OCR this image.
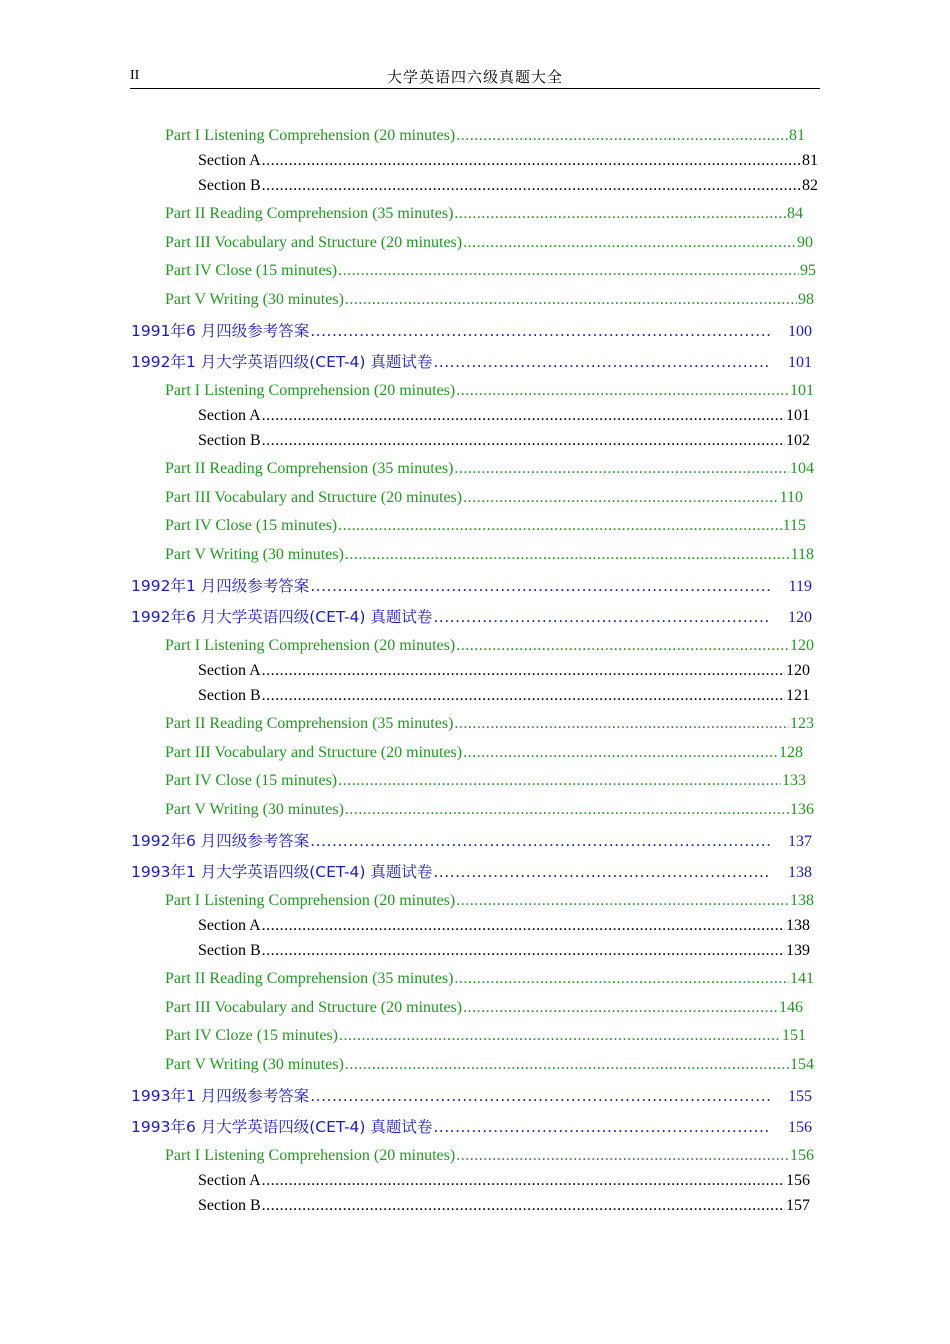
II	大学英语四六级真题大全
Part I Listening Comprehension (20 minutes) .....	81
Section A .....	81
Section B .....	82
Part II Reading Comprehension (35 minutes) .....	84
Part III Vocabulary and Structure (20 minutes) .....	90
Part IV Close (15 minutes) .....	95
Part V Writing (30 minutes) .....	98
1991年6 月四级参考答案 .....	100
1992年1 月大学英语四级(CET-4) 真题试卷 .....	101
Part I Listening Comprehension (20 minutes) .....	101
Section A .....	101
Section B .....	102
Part II Reading Comprehension (35 minutes) .....	104
Part III Vocabulary and Structure (20 minutes) .....	110
Part IV Close (15 minutes) .....	115
Part V Writing (30 minutes) .....	118
1992年1 月四级参考答案 .....	119
1992年6 月大学英语四级(CET-4) 真题试卷 .....	120
Part I Listening Comprehension (20 minutes) .....	120
Section A .....	120
Section B .....	121
Part II Reading Comprehension (35 minutes) .....	123
Part III Vocabulary and Structure (20 minutes) .....	128
Part IV Close (15 minutes) .....	133
Part V Writing (30 minutes) .....	136
1992年6 月四级参考答案 .....	137
1993年1 月大学英语四级(CET-4) 真题试卷 .....	138
Part I Listening Comprehension (20 minutes) .....	138
Section A .....	138
Section B .....	139
Part II Reading Comprehension (35 minutes) .....	141
Part III Vocabulary and Structure (20 minutes) .....	146
Part IV Cloze (15 minutes) .....	151
Part V Writing (30 minutes) .....	154
1993年1 月四级参考答案 .....	155
1993年6 月大学英语四级(CET-4) 真题试卷 .....	156
Part I Listening Comprehension (20 minutes) .....	156
Section A .....	156
Section B .....	157
